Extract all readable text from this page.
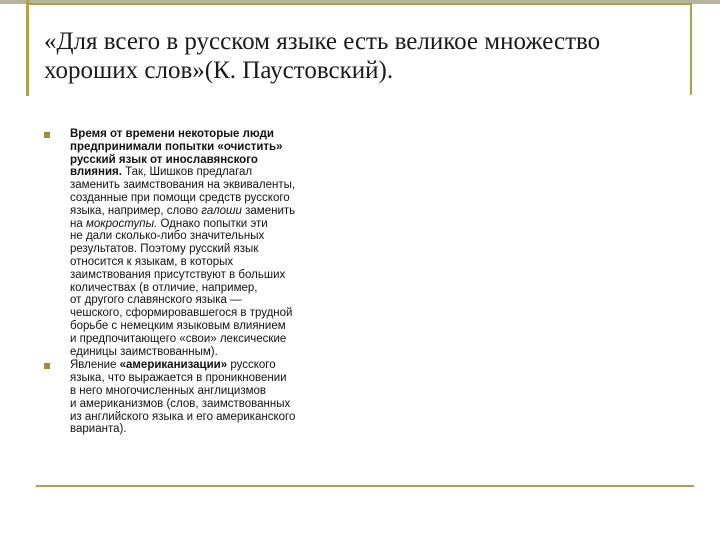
«Для всего в русском языке есть великое множество хороших слов»(К. Паустовский).
Время от времени некоторые люди
предпринимали попытки «очистить»
русский язык от инославянского
влияния. Так, Шишков предлагал
заменить заимствования на эквиваленты,
созданные при помощи средств русского
языка, например, слово галоши заменить
на мокроступы. Однако попытки эти
не дали сколько-либо значительных
результатов. Поэтому русский язык
относится к языкам, в которых
заимствования присутствуют в больших
количествах (в отличие, например,
от другого славянского языка —
чешского, сформировавшегося в трудной
борьбе с немецким языковым влиянием
и предпочитающего «свои» лексические
единицы заимствованным).
Явление «американизации» русского
языка, что выражается в проникновении
в него многочисленных англицизмов
и американизмов (слов, заимствованных
из английского языка и его американского
варианта).
